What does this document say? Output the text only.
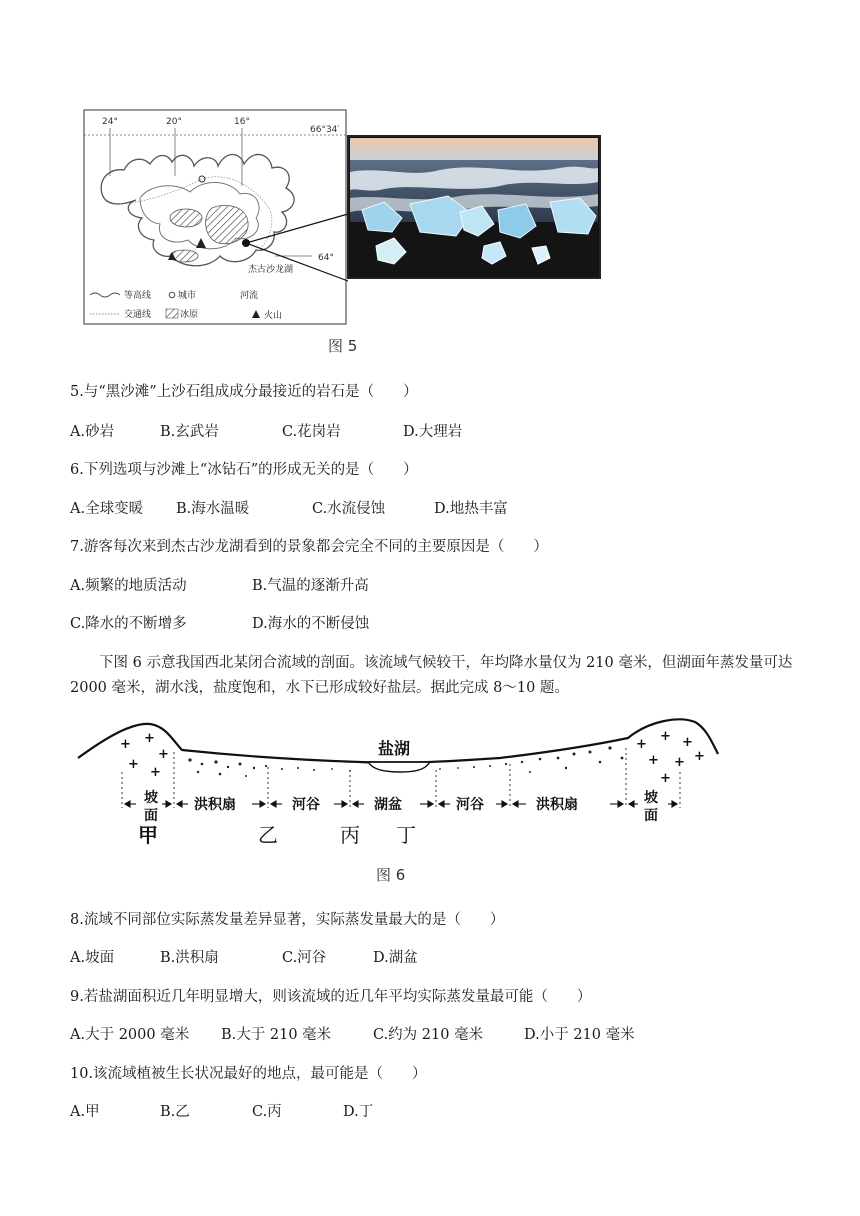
24°	20°	16°
66°34′
64°
杰古沙龙湖
等高线	城市	河流
交通线	冰原	火山
图 5
5.与“黑沙滩”上沙石组成成分最接近的岩石是（　　）
A.砂岩	B.玄武岩	C.花岗岩	D.大理岩
6.下列选项与沙滩上“冰钻石”的形成无关的是（　　）
A.全球变暖 B.海水温暖	C.水流侵蚀	D.地热丰富
7.游客每次来到杰古沙龙湖看到的景象都会完全不同的主要原因是（　　）
A.频繁的地质活动	B.气温的逐渐升高
C.降水的不断增多	D.海水的不断侵蚀
下图 6 示意我国西北某闭合流域的剖面。该流域气候较干，年均降水量仅为 210 毫米，但湖面年蒸发量可达 2000 毫米，湖水浅，盐度饱和，水下已形成较好盐层。据此完成 8～10 题。
+ +
+
+
+
+
+ +
+ + +
+
盐湖
坡
面
洪积扇	河谷	湖盆	河谷	洪积扇	坡
面
甲	乙	丙 丁
图 6
8.流域不同部位实际蒸发量差异显著，实际蒸发量最大的是（　　）
A.坡面	B.洪积扇	C.河谷	D.湖盆
9.若盐湖面积近几年明显增大，则该流域的近几年平均实际蒸发量最可能（　　）
A.大于 2000 毫米 B.大于 210 毫米	C.约为 210 毫米	D.小于 210 毫米
10.该流域植被生长状况最好的地点，最可能是（　　）
A.甲	B.乙	C.丙	D.丁
